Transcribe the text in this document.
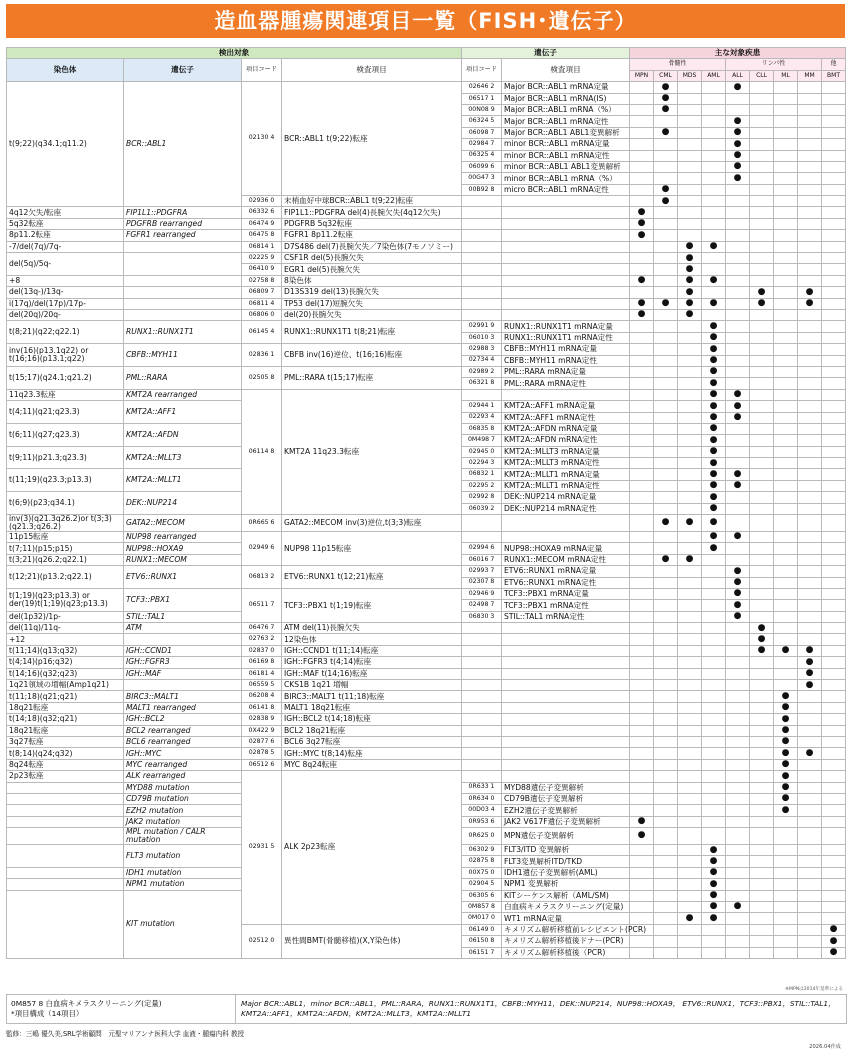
造血器腫瘍関連項目一覧（FISH･遺伝子）
検出対象				遺伝子		主な対象疾患								
染色体	遺伝子	項目コード	検査項目	項目コード	検査項目	骨髄性				リンパ性				他
						MPN	CML	MDS	AML	ALL	CLL	ML	MM	BMT
t(9;22)(q34.1;q11.2)	BCR::ABL1	02130 4	BCR::ABL1 t(9;22)転座	02646 2	Major BCR::ABL1 mRNA定量		●			●				
				06517 1	Major BCR::ABL1 mRNA(IS)		●							
				00N08 9	Major BCR::ABL1 mRNA（%）		●							
				06324 5	Major BCR::ABL1 mRNA定性					●				
				06098 7	Major BCR::ABL1 ABL1変異解析		●			●				
				02984 7	minor BCR::ABL1 mRNA定量					●				
				06325 4	minor BCR::ABL1 mRNA定性					●				
				06099 6	minor BCR::ABL1 ABL1変異解析					●				
				00G47 3	minor BCR::ABL1 mRNA（%）					●				
				00B92 8	micro BCR::ABL1 mRNA定性		●							
		02936 0	末梢血好中球BCR::ABL1 t(9;22)転座				●							
4q12欠失/転座	FIP1L1::PDGFRA	06332 6	FIP1L1::PDGFRA del(4)長腕欠失(4q12欠失)			●								
5q32転座	PDGFRB rearranged	06474 9	PDGFRB 5q32転座			●								
8p11.2転座	FGFR1 rearranged	06475 8	FGFR1 8p11.2転座			●								
-7/del(7q)/7q-		06814 1	D7S486 del(7)長腕欠失／7染色体(7モノソミー)					●	●					
del(5q)/5q-		02225 9	CSF1R del(5)長腕欠失					●						
		06410 9	EGR1 del(5)長腕欠失					●						
+8		02758 8	8染色体			●		●	●					
del(13q-)/13q-		06809 7	D13S319 del(13)長腕欠失					●			●		●	
i(17q)/del(17p)/17p-		06811 4	TP53 del(17)短腕欠失			●	●	●	●		●		●	
del(20q)/20q-		06806 0	del(20)長腕欠失			●		●						
t(8;21)(q22;q22.1)	RUNX1::RUNX1T1	06145 4	RUNX1::RUNX1T1 t(8;21)転座	02991 9	RUNX1::RUNX1T1 mRNA定量				●					
				06010 3	RUNX1::RUNX1T1 mRNA定性				●					
inv(16)(p13.1q22) or t(16;16)(p13.1;q22)	CBFB::MYH11	02836 1	CBFB inv(16)逆位、t(16;16)転座	02988 3	CBFB::MYH11 mRNA定量				●					
				02734 4	CBFB::MYH11 mRNA定性				●					
t(15;17)(q24.1;q21.2)	PML::RARA	02505 8	PML::RARA t(15;17)転座	02989 2	PML::RARA mRNA定量				●					
				06321 8	PML::RARA mRNA定性				●					
11q23.3転座	KMT2A rearranged	06114 8	KMT2A 11q23.3転座						●	●				
t(4;11)(q21;q23.3)	KMT2A::AFF1			02944 1	KMT2A::AFF1 mRNA定量				●	●				
				02293 4	KMT2A::AFF1 mRNA定性				●	●				
t(6;11)(q27;q23.3)	KMT2A::AFDN			06835 8	KMT2A::AFDN mRNA定量				●					
				0M498 7	KMT2A::AFDN mRNA定性				●					
t(9;11)(p21.3;q23.3)	KMT2A::MLLT3			02945 0	KMT2A::MLLT3 mRNA定量				●					
				02294 3	KMT2A::MLLT3 mRNA定性				●					
t(11;19)(q23.3;p13.3)	KMT2A::MLLT1			06832 1	KMT2A::MLLT1 mRNA定量				●	●				
				02295 2	KMT2A::MLLT1 mRNA定性				●	●				
t(6;9)(p23;q34.1)	DEK::NUP214			02992 8	DEK::NUP214 mRNA定量				●					
				06039 2	DEK::NUP214 mRNA定性				●					
inv(3)(q21.3q26.2)or t(3;3)(q21.3;q26.2)	GATA2::MECOM	0R665 6	GATA2::MECOM inv(3)逆位,t(3;3)転座				●	●	●					
11p15転座	NUP98 rearranged	02949 6	NUP98 11p15転座						●	●				
t(7;11)(p15;p15)	NUP98::HOXA9			02994 6	NUP98::HOXA9 mRNA定量				●					
t(3;21)(q26.2;q22.1)	RUNX1::MECOM			06016 7	RUNX1::MECOM mRNA定性		●	●						
t(12;21)(p13.2;q22.1)	ETV6::RUNX1	06813 2	ETV6::RUNX1 t(12;21)転座	02993 7	ETV6::RUNX1 mRNA定量					●				
				02307 8	ETV6::RUNX1 mRNA定性					●				
t(1;19)(q23;p13.3) or der(19)t(1;19)(q23;p13.3)	TCF3::PBX1	06511 7	TCF3::PBX1 t(1;19)転座	02946 9	TCF3::PBX1 mRNA定量					●				
				02498 7	TCF3::PBX1 mRNA定性					●				
del(1p32)/1p-	STIL::TAL1			06830 3	STIL::TAL1 mRNA定性					●				
del(11q)/11q-	ATM	06476 7	ATM del(11)長腕欠失								●			
+12		02763 2	12染色体								●			
t(11;14)(q13;q32)	IGH::CCND1	02837 0	IGH::CCND1 t(11;14)転座								●	●	●	
t(4;14)(p16;q32)	IGH::FGFR3	06169 8	IGH::FGFR3 t(4;14)転座										●	
t(14;16)(q32;q23)	IGH::MAF	06181 4	IGH::MAF t(14;16)転座										●	
1q21領域の増幅(Amp1q21)		06559 5	CKS1B 1q21 増幅										●	
t(11;18)(q21;q21)	BIRC3::MALT1	06208 4	BIRC3::MALT1 t(11;18)転座									●		
18q21転座	MALT1 rearranged	06141 8	MALT1 18q21転座									●		
t(14;18)(q32;q21)	IGH::BCL2	02838 9	IGH::BCL2 t(14;18)転座									●		
18q21転座	BCL2 rearranged	0X422 9	BCL2 18q21転座									●		
3q27転座	BCL6 rearranged	02877 6	BCL6 3q27転座									●		
t(8;14)(q24;q32)	IGH::MYC	02878 5	IGH::MYC t(8;14)転座									●	●	
8q24転座	MYC rearranged	06512 6	MYC 8q24転座									●		
2p23転座	ALK rearranged	02931 5	ALK 2p23転座									●		
	MYD88 mutation			0R633 1	MYD88遺伝子変異解析							●		
	CD79B mutation			0R634 0	CD79B遺伝子変異解析							●		
	EZH2 mutation			00D03 4	EZH2遺伝子変異解析							●		
	JAK2 mutation			0R953 6	JAK2 V617F遺伝子変異解析	●								
	MPL mutation / CALR mutation			0R625 0	MPN遺伝子変異解析	●								
	FLT3 mutation			06302 9	FLT3/ITD 変異解析				●					
				02875 8	FLT3変異解析ITD/TKD				●					
	IDH1 mutation			00X75 0	IDH1遺伝子変異解析(AML)				●					
	NPM1 mutation			02904 5	NPM1 変異解析				●					
	KIT mutation			06305 6	KITシーケンス解析（AML/SM)				●					
				0M857 8	白血病キメラスクリーニング(定量)				●	●				
				0M017 0	WT1 mRNA定量			●	●					
		02512 0	異性間BMT(骨髄移植)(X,Y染色体)	06149 0	キメリズム解析移植前レシピエント(PCR)									●
				06150 8	キメリズム解析移植後ドナー(PCR)									●
				06151 7	キメリズム解析移植後（PCR)									●
※MPNは2014年基準による
0M857 8 白血病キメラスクリーニング(定量)
*項目構成（14項目）
Major BCR::ABL1，minor BCR::ABL1，PML::RARA，RUNX1::RUNX1T1，CBFB::MYH11，DEK::NUP214，NUP98::HOXA9， ETV6::RUNX1，TCF3::PBX1，STIL::TAL1，KMT2A::AFF1，KMT2A::AFDN，KMT2A::MLLT3，KMT2A::MLLT1
監修：三嶋 優久美,SRL学術顧問　元聖マリアンナ医科大学 血液・腫瘍内科 教授
2026.04作成
